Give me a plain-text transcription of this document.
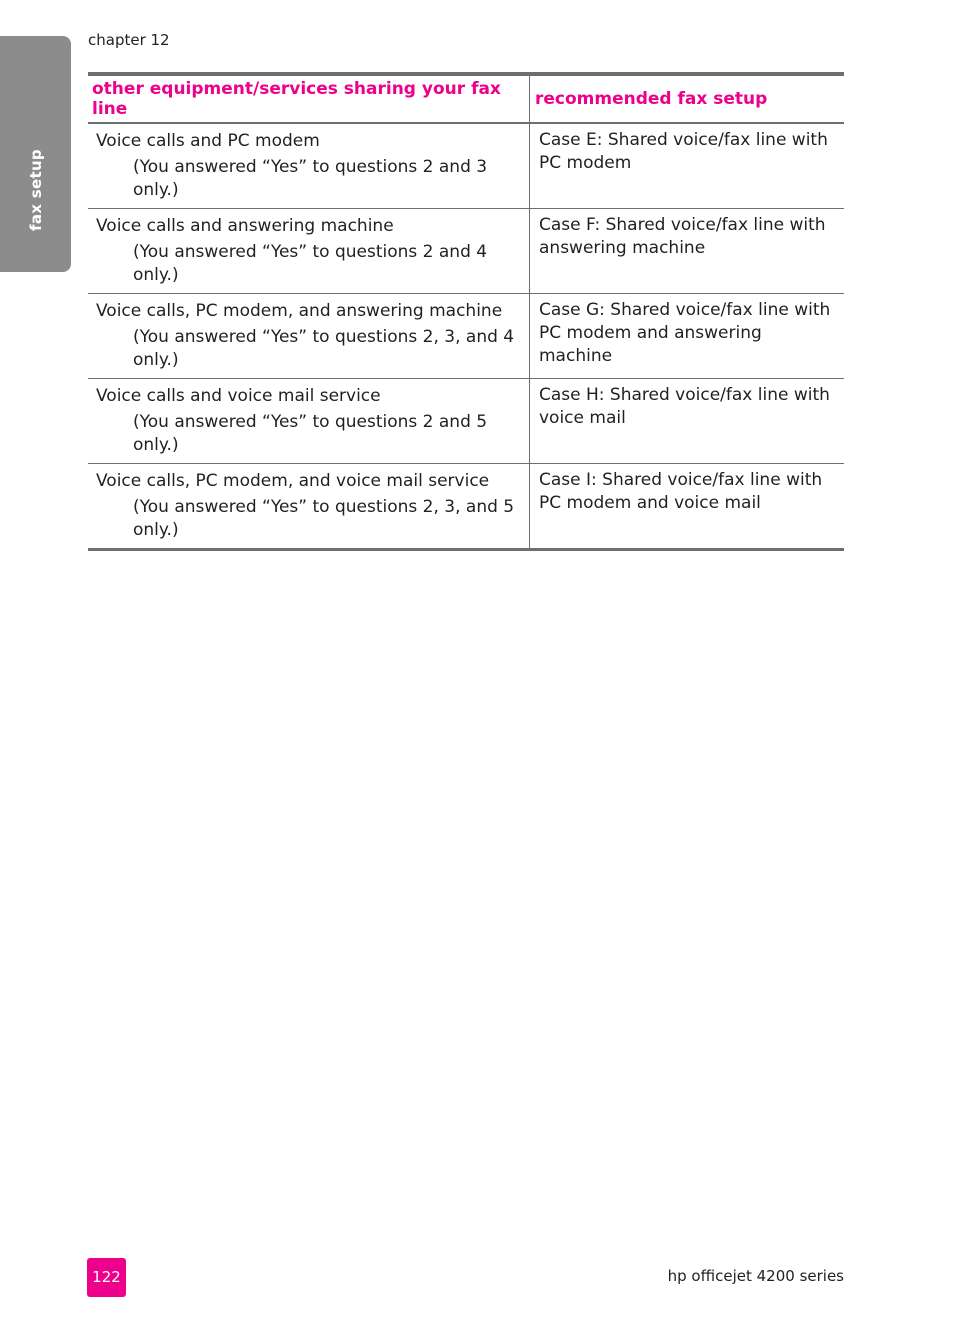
fax setup
chapter 12
other equipment/services sharing your fax line	recommended fax setup

Voice calls and PC modem
(You answered “Yes” to questions 2 and 3 only.)	Case E: Shared voice/fax line with PC modem

Voice calls and answering machine
(You answered “Yes” to questions 2 and 4 only.)	Case F: Shared voice/fax line with answering machine

Voice calls, PC modem, and answering machine
(You answered “Yes” to questions 2, 3, and 4 only.)	Case G: Shared voice/fax line with PC modem and answering machine

Voice calls and voice mail service
(You answered “Yes” to questions 2 and 5 only.)	Case H: Shared voice/fax line with voice mail

Voice calls, PC modem, and voice mail service
(You answered “Yes” to questions 2, 3, and 5 only.)	Case I: Shared voice/fax line with PC modem and voice mail
122	hp officejet 4200 series
